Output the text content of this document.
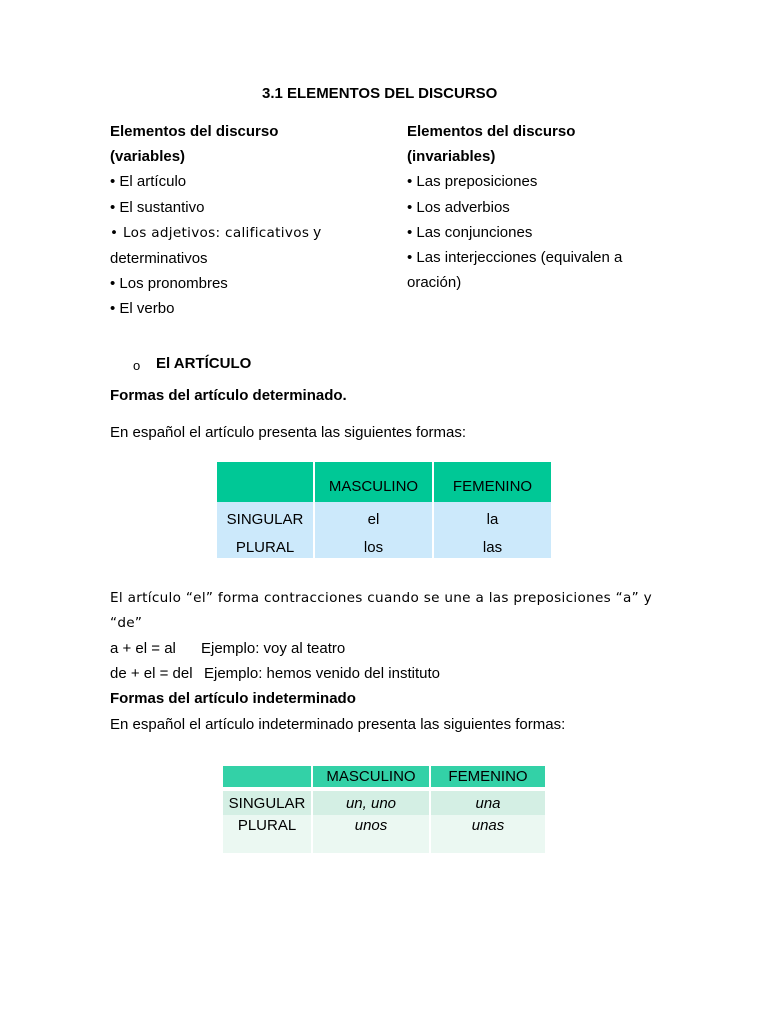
3.1 ELEMENTOS DEL DISCURSO
Elementos del discurso
(variables)
• El artículo
• El sustantivo
• Los adjetivos: calificativos y
determinativos
• Los pronombres
• El verbo
Elementos del discurso
(invariables)
• Las preposiciones
• Los adverbios
• Las conjunciones
• Las interjecciones (equivalen a
oración)
o El ARTÍCULO
Formas del artículo determinado.
En español el artículo presenta las siguientes formas:
	MASCULINO	FEMENINO
SINGULAR	el	la
PLURAL	los	las
El artículo “el” forma contracciones cuando se une a las preposiciones “a” y
“de”
a + el = al Ejemplo: voy al teatro
de + el = del Ejemplo: hemos venido del instituto
Formas del artículo indeterminado
En español el artículo indeterminado presenta las siguientes formas:
	MASCULINO	FEMENINO
SINGULAR	un, uno	una
PLURAL	unos	unas
